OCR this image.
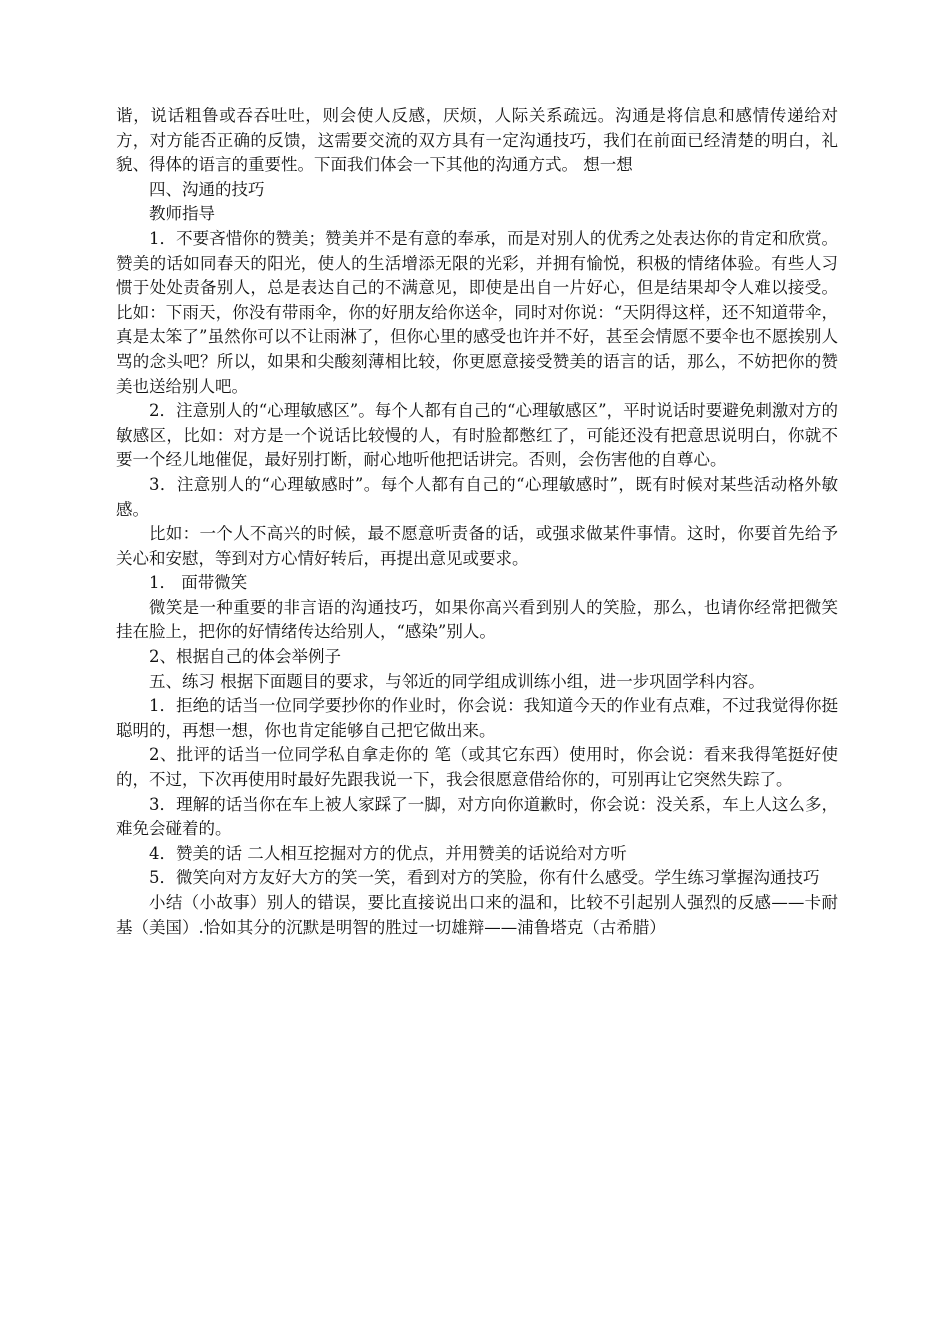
谐，说话粗鲁或吞吞吐吐，则会使人反感，厌烦，人际关系疏远。沟通是将信息和感情传递给对方，对方能否正确的反馈，这需要交流的双方具有一定沟通技巧，我们在前面已经清楚的明白，礼貌、得体的语言的重要性。下面我们体会一下其他的沟通方式。 想一想

四、沟通的技巧

教师指导

1．不要吝惜你的赞美；赞美并不是有意的奉承，而是对别人的优秀之处表达你的肯定和欣赏。赞美的话如同春天的阳光，使人的生活增添无限的光彩，并拥有愉悦，积极的情绪体验。有些人习惯于处处责备别人，总是表达自己的不满意见，即使是出自一片好心，但是结果却令人难以接受。比如：下雨天，你没有带雨伞，你的好朋友给你送伞，同时对你说：“天阴得这样，还不知道带伞，真是太笨了”虽然你可以不让雨淋了，但你心里的感受也许并不好，甚至会情愿不要伞也不愿挨别人骂的念头吧？所以，如果和尖酸刻薄相比较，你更愿意接受赞美的语言的话，那么，不妨把你的赞美也送给别人吧。

2．注意别人的“心理敏感区”。每个人都有自己的“心理敏感区”，平时说话时要避免刺激对方的敏感区，比如：对方是一个说话比较慢的人，有时脸都憋红了，可能还没有把意思说明白，你就不要一个经儿地催促，最好别打断，耐心地听他把话讲完。否则，会伤害他的自尊心。

3．注意别人的“心理敏感时”。每个人都有自己的“心理敏感时”，既有时候对某些活动格外敏感。

比如：一个人不高兴的时候，最不愿意听责备的话，或强求做某件事情。这时，你要首先给予关心和安慰，等到对方心情好转后，再提出意见或要求。

1． 面带微笑

微笑是一种重要的非言语的沟通技巧，如果你高兴看到别人的笑脸，那么，也请你经常把微笑挂在脸上，把你的好情绪传达给别人，“感染”别人。

2、根据自己的体会举例子

五、练习 根据下面题目的要求，与邻近的同学组成训练小组，进一步巩固学科内容。

1．拒绝的话当一位同学要抄你的作业时，你会说：我知道今天的作业有点难，不过我觉得你挺聪明的，再想一想，你也肯定能够自己把它做出来。

2、批评的话当一位同学私自拿走你的 笔（或其它东西）使用时，你会说：看来我得笔挺好使的，不过，下次再使用时最好先跟我说一下，我会很愿意借给你的，可别再让它突然失踪了。

3．理解的话当你在车上被人家踩了一脚，对方向你道歉时，你会说：没关系，车上人这么多，难免会碰着的。

4．赞美的话 二人相互挖掘对方的优点，并用赞美的话说给对方听

5．微笑向对方友好大方的笑一笑，看到对方的笑脸，你有什么感受。学生练习掌握沟通技巧

小结（小故事）别人的错误，要比直接说出口来的温和，比较不引起别人强烈的反感——卡耐基（美国）.恰如其分的沉默是明智的胜过一切雄辩——浦鲁塔克（古希腊）
